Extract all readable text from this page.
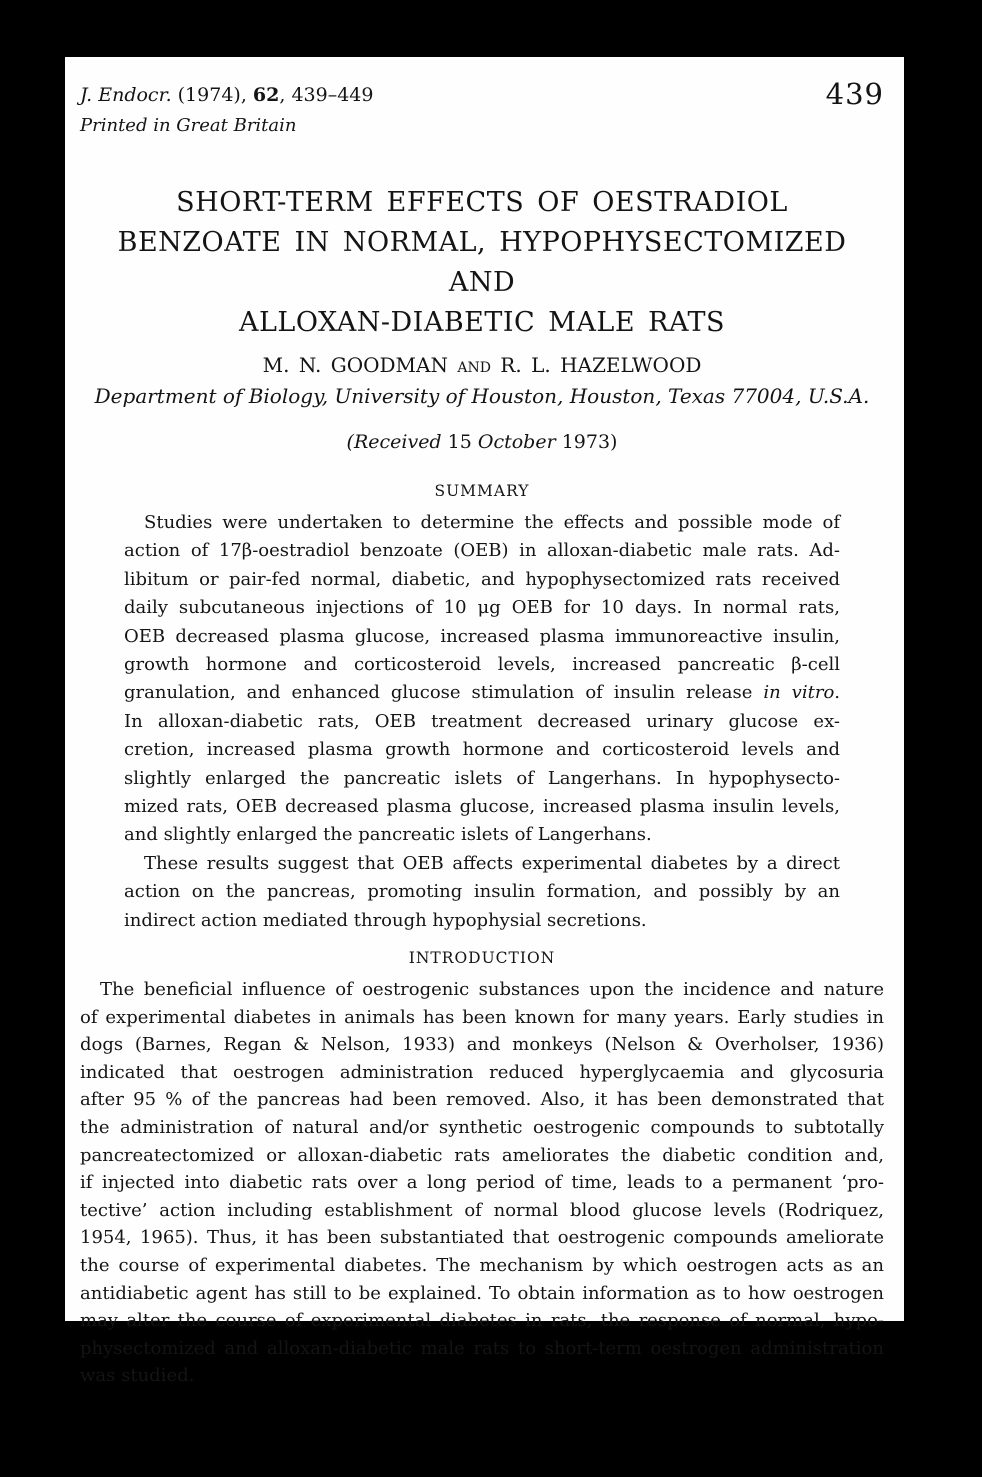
J. Endocr. (1974), 62, 439–449	439
Printed in Great Britain
SHORT-TERM EFFECTS OF OESTRADIOL
BENZOATE IN NORMAL, HYPOPHYSECTOMIZED AND
ALLOXAN-DIABETIC MALE RATS
M. N. GOODMAN and R. L. HAZELWOOD
Department of Biology, University of Houston, Houston, Texas 77004, U.S.A.
(Received 15 October 1973)
SUMMARY
Studies were undertaken to determine the effects and possible mode of
action of 17β-oestradiol benzoate (OEB) in alloxan-diabetic male rats. Ad-
libitum or pair-fed normal, diabetic, and hypophysectomized rats received
daily subcutaneous injections of 10 μg OEB for 10 days. In normal rats,
OEB decreased plasma glucose, increased plasma immunoreactive insulin,
growth hormone and corticosteroid levels, increased pancreatic β-cell
granulation, and enhanced glucose stimulation of insulin release in vitro.
In alloxan-diabetic rats, OEB treatment decreased urinary glucose ex-
cretion, increased plasma growth hormone and corticosteroid levels and
slightly enlarged the pancreatic islets of Langerhans. In hypophysecto-
mized rats, OEB decreased plasma glucose, increased plasma insulin levels,
and slightly enlarged the pancreatic islets of Langerhans.
These results suggest that OEB affects experimental diabetes by a direct
action on the pancreas, promoting insulin formation, and possibly by an
indirect action mediated through hypophysial secretions.
INTRODUCTION
The beneficial influence of oestrogenic substances upon the incidence and nature
of experimental diabetes in animals has been known for many years. Early studies in
dogs (Barnes, Regan & Nelson, 1933) and monkeys (Nelson & Overholser, 1936)
indicated that oestrogen administration reduced hyperglycaemia and glycosuria
after 95 % of the pancreas had been removed. Also, it has been demonstrated that
the administration of natural and/or synthetic oestrogenic compounds to subtotally
pancreatectomized or alloxan-diabetic rats ameliorates the diabetic condition and,
if injected into diabetic rats over a long period of time, leads to a permanent ‘pro-
tective’ action including establishment of normal blood glucose levels (Rodriquez,
1954, 1965). Thus, it has been substantiated that oestrogenic compounds ameliorate
the course of experimental diabetes. The mechanism by which oestrogen acts as an
antidiabetic agent has still to be explained. To obtain information as to how oestrogen
may alter the course of experimental diabetes in rats, the response of normal, hypo-
physectomized and alloxan-diabetic male rats to short-term oestrogen administration
was studied.
